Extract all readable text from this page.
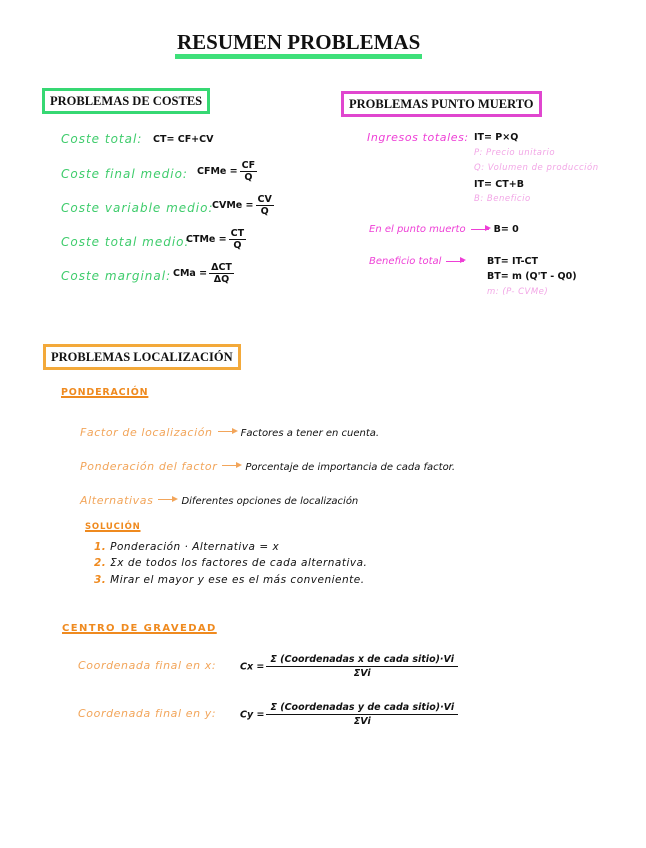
RESUMEN PROBLEMAS
PROBLEMAS DE COSTES
Coste total: CT= CF+CV
Coste final medio: CFMe = $\frac{CF}{Q}$
Coste variable medio:
CVMe = $\frac{CV}{Q}$
Coste total medio:
CTMe = $\frac{CT}{Q}$
Coste marginal: CMa = $\frac{\text{ΔCT}}{\Delta Q}$
PROBLEMAS PUNTO MUERTO
Ingresos totales: IT= P×Q
P: Precio unitario
Q: Volumen de producción
IT= CT+B
B: Beneficio
En el punto muerto	B= 0
Beneficio total	BT= IT-CT
BT= m (Q'T - Q0)
m: (P- CVMe)
PROBLEMAS LOCALIZACIÓN
PONDERACIÓN
Factor de localización	Factores a tener en cuenta.
Ponderación del factor	Porcentaje de importancia de cada factor.
Alternativas	Diferentes opciones de localización
SOLUCIÓN
1. Ponderación · Alternativa = x
2. Σx de todos los factores de cada alternativa.
3. Mirar el mayor y ese es el más conveniente.
CENTRO DE GRAVEDAD
Coordenada final en x:	$Cx = \frac{\text{Σ (Coordenadas x de cada sitio)·Vi}}{\text{ΣVi}}$
Coordenada final en y:	$Cy = \frac{\text{Σ (Coordenadas y de cada sitio)·Vi}}{\text{ΣVi}}$
